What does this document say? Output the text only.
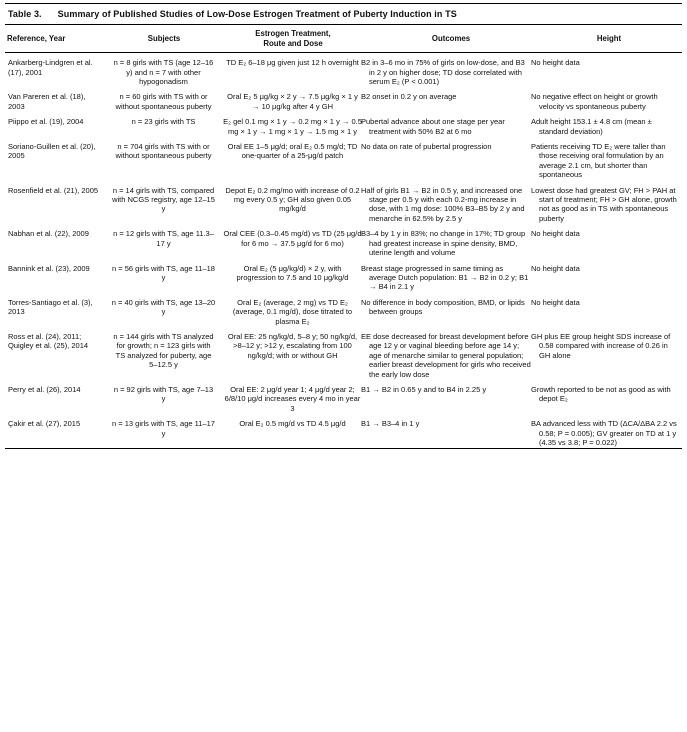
Table 3. Summary of Published Studies of Low-Dose Estrogen Treatment of Puberty Induction in TS
Reference, Year	Subjects	Estrogen Treatment, Route and Dose	Outcomes	Height
Ankarberg-Lindgren et al. (17), 2001	n = 8 girls with TS (age 12–16 y) and n = 7 with other hypogonadism	TD E₂ 6–18 μg given just 12 h overnight	B2 in 3–6 mo in 75% of girls on low-dose, and B3 in 2 y on higher dose; TD dose correlated with serum E₂ (P < 0.001)	No height data
Van Pareren et al. (18), 2003	n = 60 girls with TS with or without spontaneous puberty	Oral E₂ 5 μg/kg × 2 y → 7.5 μg/kg × 1 y → 10 μg/kg after 4 y GH	B2 onset in 0.2 y on average	No negative effect on height or growth velocity vs spontaneous puberty
Piippo et al. (19), 2004	n = 23 girls with TS	E₂ gel 0.1 mg × 1 y → 0.2 mg × 1 y → 0.5 mg × 1 y → 1 mg × 1 y → 1.5 mg × 1 y	Pubertal advance about one stage per year treatment with 50% B2 at 6 mo	Adult height 153.1 ± 4.8 cm (mean ± standard deviation)
Soriano-Guillen et al. (20), 2005	n = 704 girls with TS with or without spontaneous puberty	Oral EE 1–5 μg/d; oral E₂ 0.5 mg/d; TD one-quarter of a 25-μg/d patch	No data on rate of pubertal progression	Patients receiving TD E₂ were taller than those receiving oral formulation by an average 2.1 cm, but shorter than spontaneous
Rosenfield et al. (21), 2005	n = 14 girls with TS, compared with NCGS registry, age 12–15 y	Depot E₂ 0.2 mg/mo with increase of 0.2 mg every 0.5 y; GH also given 0.05 mg/kg/d	Half of girls B1 → B2 in 0.5 y, and increased one stage per 0.5 y with each 0.2-mg increase in dose, with 1 mg dose: 100% B3–B5 by 2 y and menarche in 62.5% by 2.5 y	Lowest dose had greatest GV; FH > PAH at start of treatment; FH > GH alone, growth not as good as in TS with spontaneous puberty
Nabhan et al. (22), 2009	n = 12 girls with TS, age 11.3–17 y	Oral CEE (0.3–0.45 mg/d) vs TD (25 μg/d for 6 mo → 37.5 μg/d for 6 mo)	B3–4 by 1 y in 83%; no change in 17%; TD group had greatest increase in spine density, BMD, uterine length and volume	No height data
Bannink et al. (23), 2009	n = 56 girls with TS, age 11–18 y	Oral E₂ (5 μg/kg/d) × 2 y, with progression to 7.5 and 10 μg/kg/d	Breast stage progressed in same timing as average Dutch population: B1 → B2 in 0.2 y; B1 → B4 in 2.1 y	No height data
Torres-Santiago et al. (3), 2013	n = 40 girls with TS, age 13–20 y	Oral E₂ (average, 2 mg) vs TD E₂ (average, 0.1 mg/d), dose titrated to plasma E₂	No difference in body composition, BMD, or lipids between groups	No height data
Ross et al. (24), 2011; Quigley et al. (25), 2014	n = 144 girls with TS analyzed for growth; n = 123 girls with TS analyzed for puberty, age 5–12.5 y	Oral EE: 25 ng/kg/d, 5–8 y; 50 ng/kg/d, >8–12 y; >12 y, escalating from 100 ng/kg/d; with or without GH	EE dose decreased for breast development before age 12 y or vaginal bleeding before age 14 y; age of menarche similar to general population; earlier breast development for girls who received the early low dose	GH plus EE group height SDS increase of 0.58 compared with increase of 0.26 in GH alone
Perry et al. (26), 2014	n = 92 girls with TS, age 7–13 y	Oral EE: 2 μg/d year 1; 4 μg/d year 2; 6/8/10 μg/d increases every 4 mo in year 3	B1 → B2 in 0.65 y and to B4 in 2.25 y	Growth reported to be not as good as with depot E₂
Çakir et al. (27), 2015	n = 13 girls with TS, age 11–17 y	Oral E₂ 0.5 mg/d vs TD 4.5 μg/d	B1 → B3–4 in 1 y	BA advanced less with TD (ΔCA/ΔBA 2.2 vs 0.58; P = 0.005); GV greater on TD at 1 y (4.35 vs 3.8; P = 0.022)
